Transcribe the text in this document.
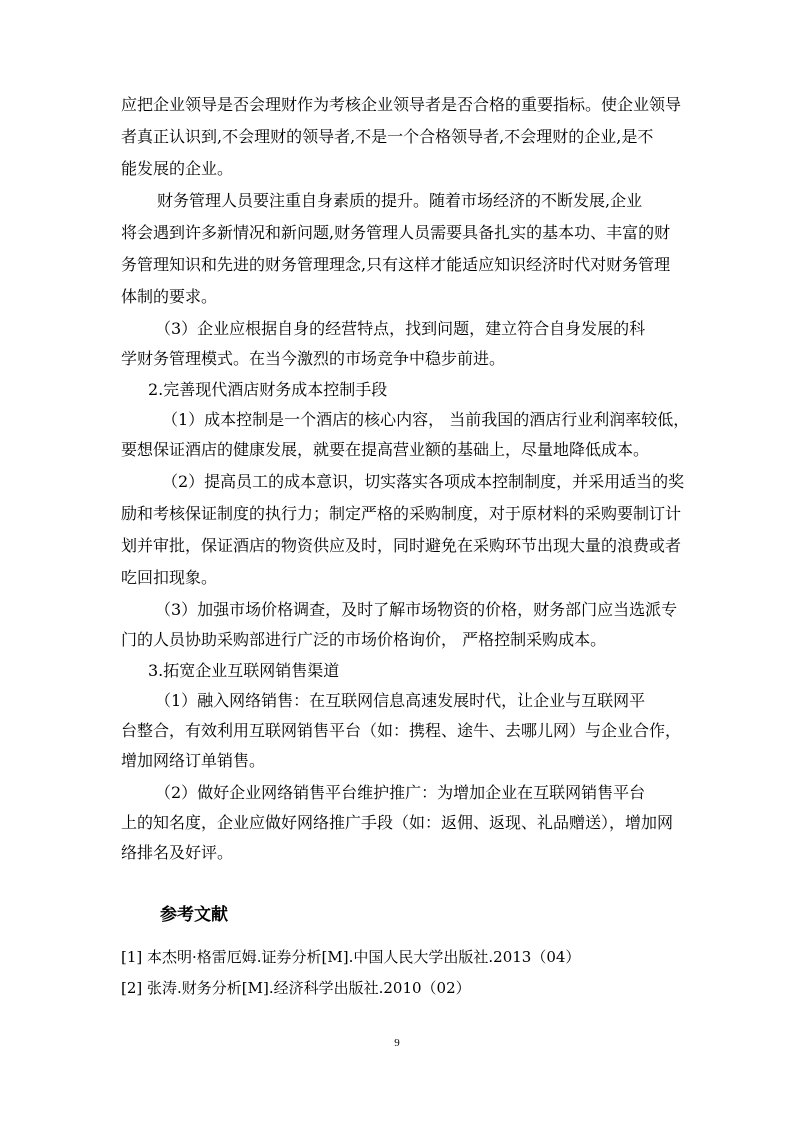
应把企业领导是否会理财作为考核企业领导者是否合格的重要指标。使企业领导

者真正认识到,不会理财的领导者,不是一个合格领导者,不会理财的企业,是不

能发展的企业。

财务管理人员要注重自身素质的提升。随着市场经济的不断发展,企业

将会遇到许多新情况和新问题,财务管理人员需要具备扎实的基本功、丰富的财

务管理知识和先进的财务管理理念,只有这样才能适应知识经济时代对财务管理

体制的要求。

（3）企业应根据自身的经营特点，找到问题，建立符合自身发展的科

学财务管理模式。在当今激烈的市场竞争中稳步前进。

2.完善现代酒店财务成本控制手段

（1）成本控制是一个酒店的核心内容， 当前我国的酒店行业利润率较低，

要想保证酒店的健康发展，就要在提高营业额的基础上，尽量地降低成本。

（2）提高员工的成本意识，切实落实各项成本控制制度，并采用适当的奖

励和考核保证制度的执行力；制定严格的采购制度，对于原材料的采购要制订计

划并审批，保证酒店的物资供应及时，同时避免在采购环节出现大量的浪费或者

吃回扣现象。

（3）加强市场价格调查，及时了解市场物资的价格，财务部门应当选派专

门的人员协助采购部进行广泛的市场价格询价， 严格控制采购成本。

3.拓宽企业互联网销售渠道

（1）融入网络销售：在互联网信息高速发展时代，让企业与互联网平

台整合，有效利用互联网销售平台（如：携程、途牛、去哪儿网）与企业合作，

增加网络订单销售。

（2）做好企业网络销售平台维护推广：为增加企业在互联网销售平台

上的知名度，企业应做好网络推广手段（如：返佣、返现、礼品赠送），增加网

络排名及好评。

参考文献

[1] 本杰明·格雷厄姆.证券分析[M].中国人民大学出版社.2013（04）

[2] 张涛.财务分析[M].经济科学出版社.2010（02）

9
